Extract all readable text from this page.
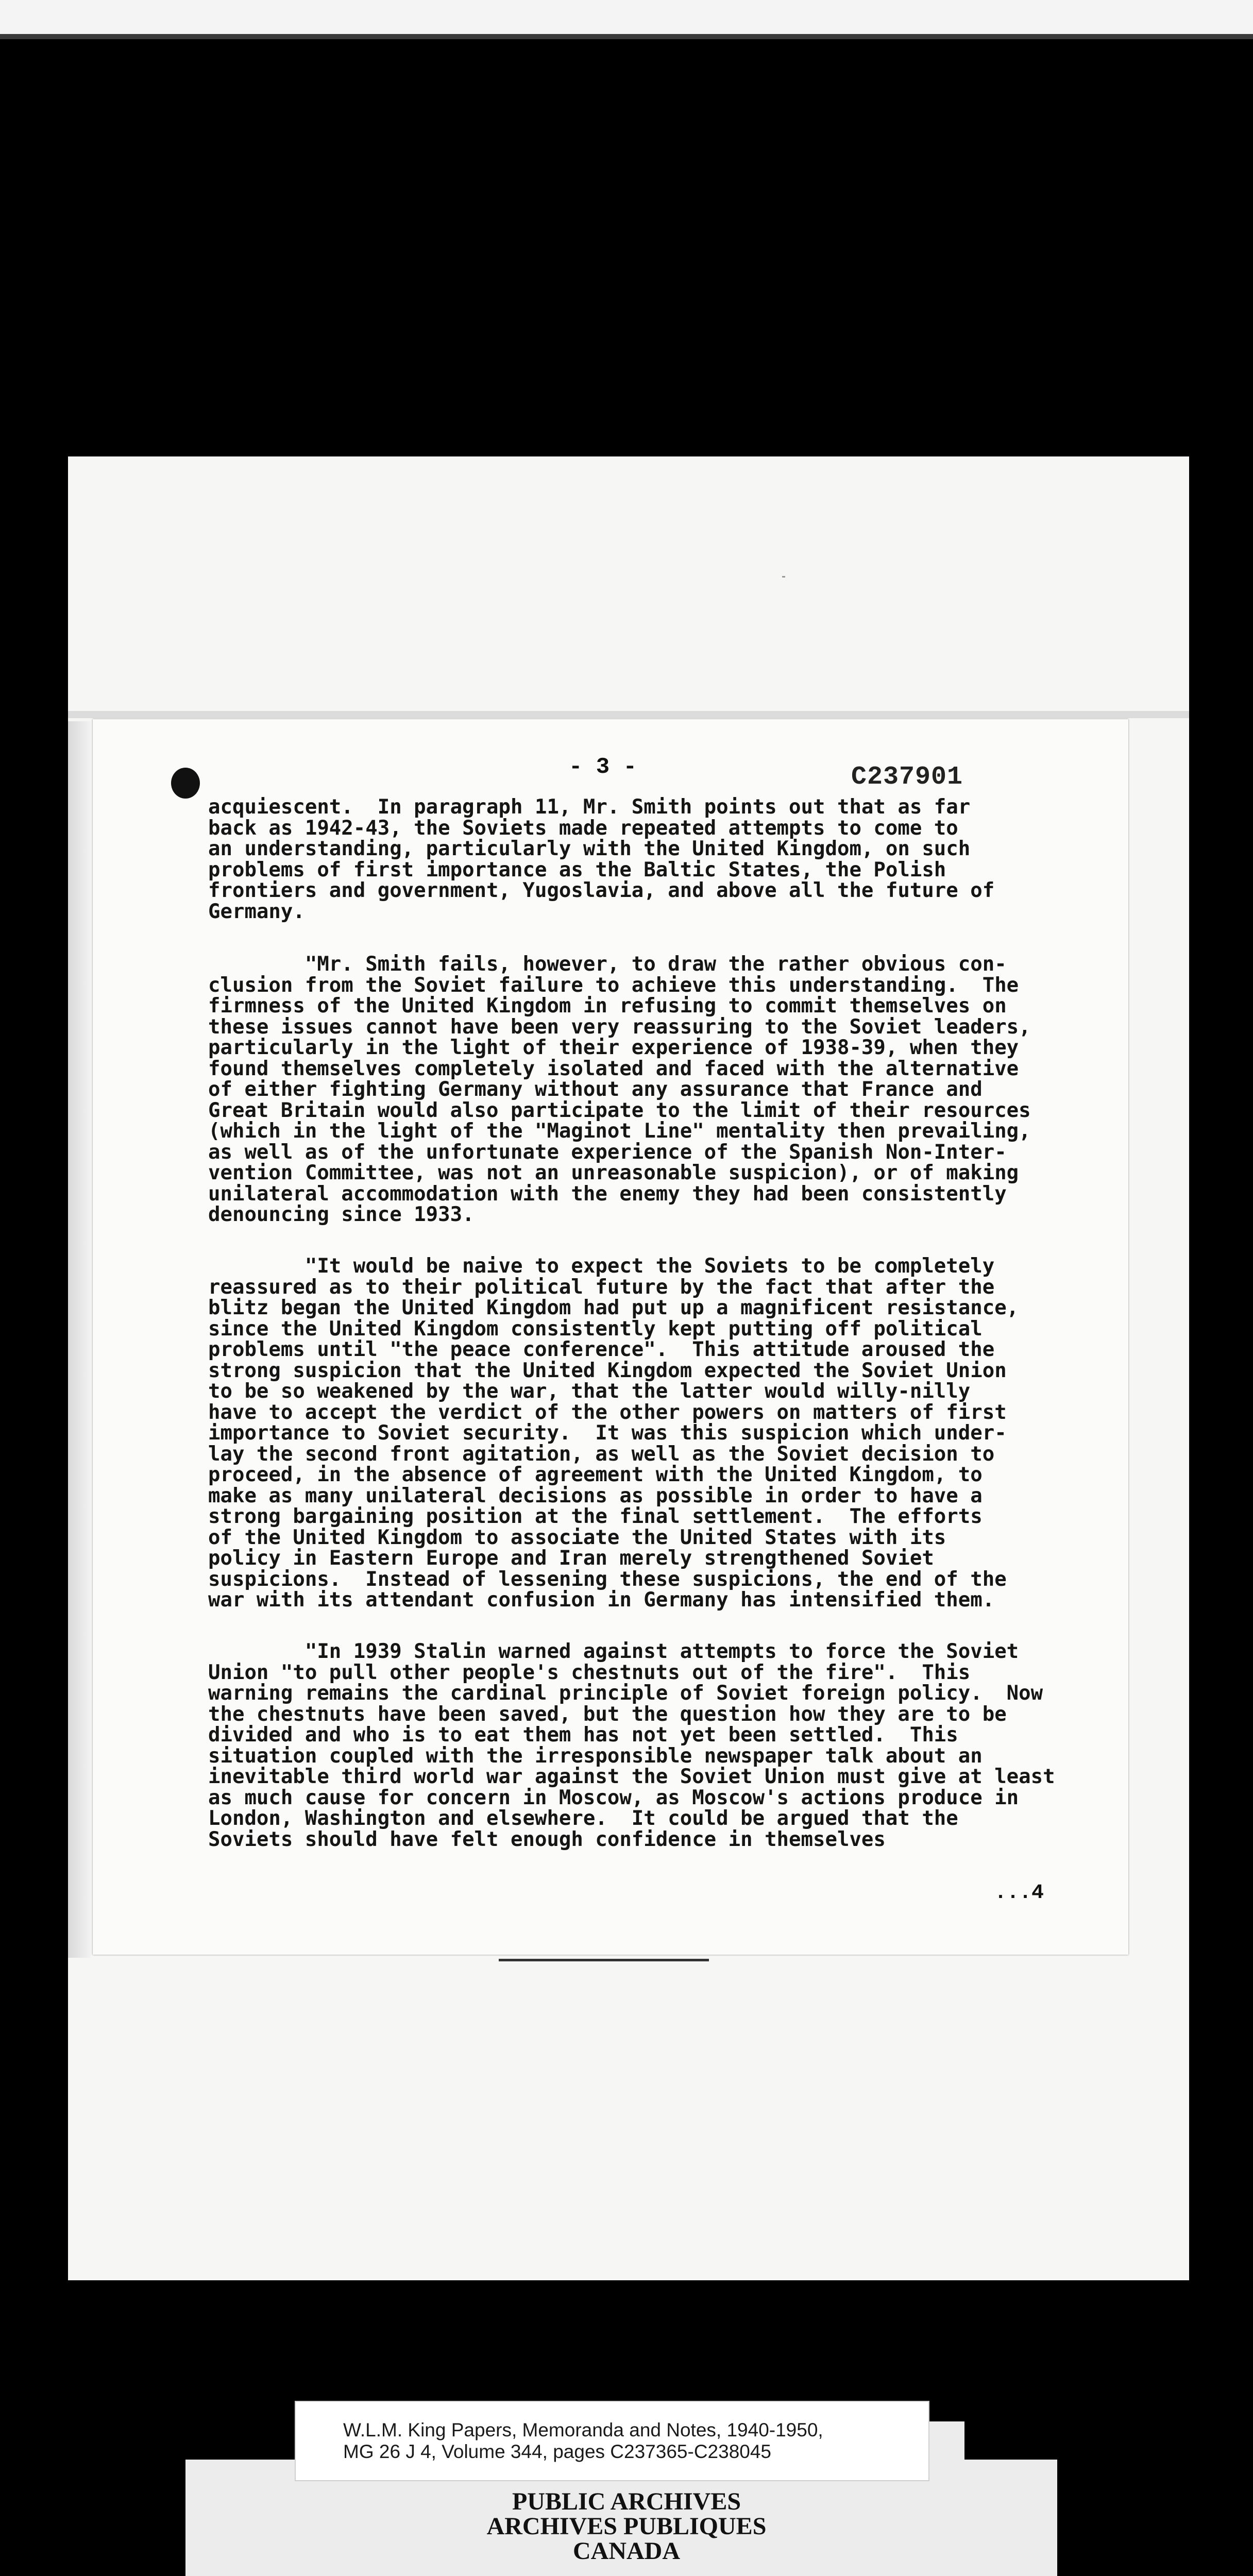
- 3 -	C237901

acquiescent.  In paragraph 11, Mr. Smith points out that as far
back as 1942-43, the Soviets made repeated attempts to come to
an understanding, particularly with the United Kingdom, on such
problems of first importance as the Baltic States, the Polish
frontiers and government, Yugoslavia, and above all the future of
Germany.

"Mr. Smith fails, however, to draw the rather obvious con-
clusion from the Soviet failure to achieve this understanding.  The
firmness of the United Kingdom in refusing to commit themselves on
these issues cannot have been very reassuring to the Soviet leaders,
particularly in the light of their experience of 1938-39, when they
found themselves completely isolated and faced with the alternative
of either fighting Germany without any assurance that France and
Great Britain would also participate to the limit of their resources
(which in the light of the "Maginot Line" mentality then prevailing,
as well as of the unfortunate experience of the Spanish Non-Inter-
vention Committee, was not an unreasonable suspicion), or of making
unilateral accommodation with the enemy they had been consistently
denouncing since 1933.

"It would be naive to expect the Soviets to be completely
reassured as to their political future by the fact that after the
blitz began the United Kingdom had put up a magnificent resistance,
since the United Kingdom consistently kept putting off political
problems until "the peace conference".  This attitude aroused the
strong suspicion that the United Kingdom expected the Soviet Union
to be so weakened by the war, that the latter would willy-nilly
have to accept the verdict of the other powers on matters of first
importance to Soviet security.  It was this suspicion which under-
lay the second front agitation, as well as the Soviet decision to
proceed, in the absence of agreement with the United Kingdom, to
make as many unilateral decisions as possible in order to have a
strong bargaining position at the final settlement.  The efforts
of the United Kingdom to associate the United States with its
policy in Eastern Europe and Iran merely strengthened Soviet
suspicions.  Instead of lessening these suspicions, the end of the
war with its attendant confusion in Germany has intensified them.

"In 1939 Stalin warned against attempts to force the Soviet
Union "to pull other people's chestnuts out of the fire".  This
warning remains the cardinal principle of Soviet foreign policy.  Now
the chestnuts have been saved, but the question how they are to be
divided and who is to eat them has not yet been settled.  This
situation coupled with the irresponsible newspaper talk about an
inevitable third world war against the Soviet Union must give at least
as much cause for concern in Moscow, as Moscow's actions produce in
London, Washington and elsewhere.  It could be argued that the
Soviets should have felt enough confidence in themselves

...4
W.L.M. King Papers, Memoranda and Notes, 1940-1950,
MG 26 J 4, Volume 344, pages C237365-C238045
PUBLIC ARCHIVES
ARCHIVES PUBLIQUES
CANADA
